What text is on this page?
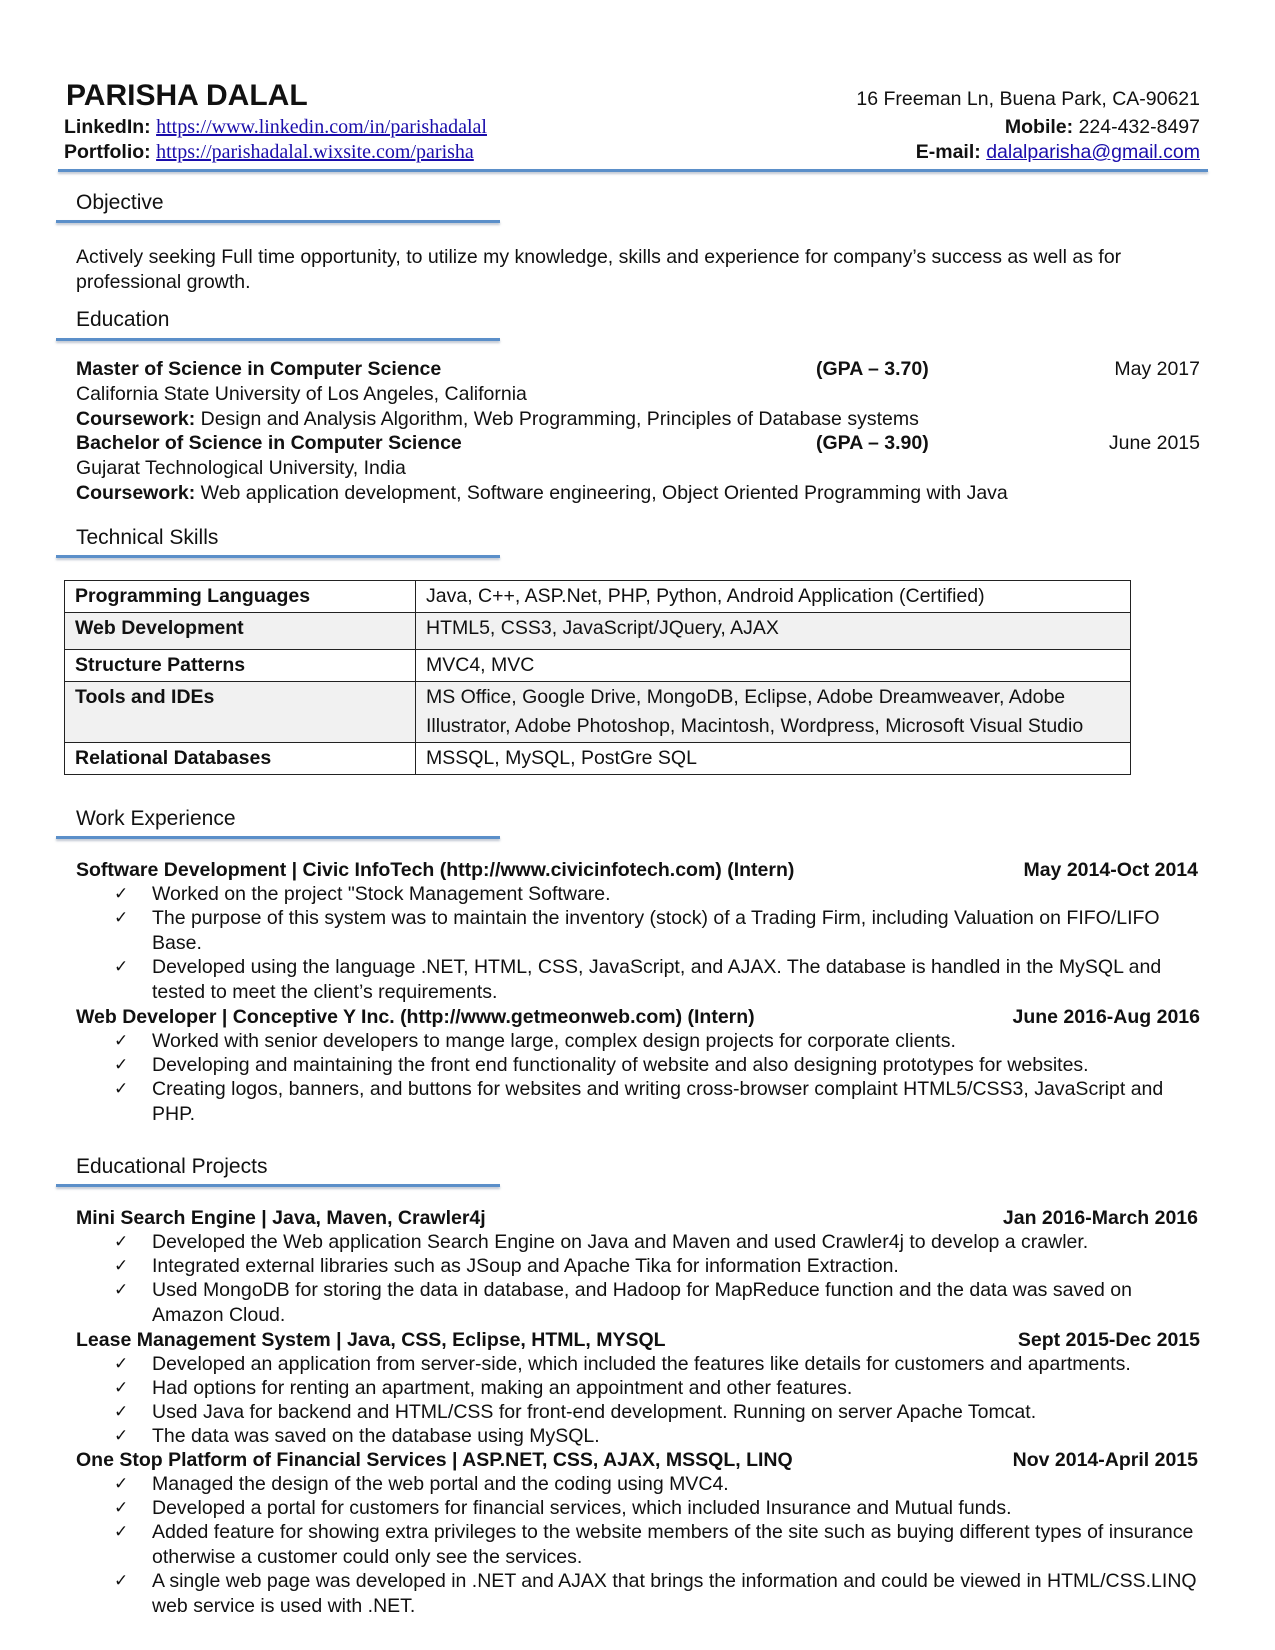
PARISHA DALAL	16 Freeman Ln, Buena Park, CA-90621
LinkedIn: https://www.linkedin.com/in/parishadalal	Mobile: 224-432-8497
Portfolio: https://parishadalal.wixsite.com/parisha	E-mail: dalalparisha@gmail.com
Objective
Actively seeking Full time opportunity, to utilize my knowledge, skills and experience for company’s success as well as for
professional growth.
Education
Master of Science in Computer Science	(GPA – 3.70)	May 2017
California State University of Los Angeles, California
Coursework: Design and Analysis Algorithm, Web Programming, Principles of Database systems
Bachelor of Science in Computer Science	(GPA – 3.90)	June 2015
Gujarat Technological University, India
Coursework: Web application development, Software engineering, Object Oriented Programming with Java
Technical Skills
Programming Languages	Java, C++, ASP.Net, PHP, Python, Android Application (Certified)
Web Development	HTML5, CSS3, JavaScript/JQuery, AJAX
Structure Patterns	MVC4, MVC
Tools and IDEs	MS Office, Google Drive, MongoDB, Eclipse, Adobe Dreamweaver, Adobe Illustrator, Adobe Photoshop, Macintosh, Wordpress, Microsoft Visual Studio
Relational Databases	MSSQL, MySQL, PostGre SQL
Work Experience
Software Development | Civic InfoTech (http://www.civicinfotech.com) (Intern)	May 2014-Oct 2014
✓	Worked on the project "Stock Management Software.
✓	The purpose of this system was to maintain the inventory (stock) of a Trading Firm, including Valuation on FIFO/LIFO Base.
✓	Developed using the language .NET, HTML, CSS, JavaScript, and AJAX. The database is handled in the MySQL and tested to meet the client’s requirements.
Web Developer | Conceptive Y Inc. (http://www.getmeonweb.com) (Intern)	June 2016-Aug 2016
✓	Worked with senior developers to mange large, complex design projects for corporate clients.
✓	Developing and maintaining the front end functionality of website and also designing prototypes for websites.
✓	Creating logos, banners, and buttons for websites and writing cross-browser complaint HTML5/CSS3, JavaScript and PHP.
Educational Projects
Mini Search Engine | Java, Maven, Crawler4j	Jan 2016-March 2016
✓	Developed the Web application Search Engine on Java and Maven and used Crawler4j to develop a crawler.
✓	Integrated external libraries such as JSoup and Apache Tika for information Extraction.
✓	Used MongoDB for storing the data in database, and Hadoop for MapReduce function and the data was saved on Amazon Cloud.
Lease Management System | Java, CSS, Eclipse, HTML, MYSQL	Sept 2015-Dec 2015
✓	Developed an application from server-side, which included the features like details for customers and apartments.
✓	Had options for renting an apartment, making an appointment and other features.
✓	Used Java for backend and HTML/CSS for front-end development. Running on server Apache Tomcat.
✓	The data was saved on the database using MySQL.
One Stop Platform of Financial Services | ASP.NET, CSS, AJAX, MSSQL, LINQ	Nov 2014-April 2015
✓	Managed the design of the web portal and the coding using MVC4.
✓	Developed a portal for customers for financial services, which included Insurance and Mutual funds.
✓	Added feature for showing extra privileges to the website members of the site such as buying different types of insurance otherwise a customer could only see the services.
✓	A single web page was developed in .NET and AJAX that brings the information and could be viewed in HTML/CSS.LINQ web service is used with .NET.
